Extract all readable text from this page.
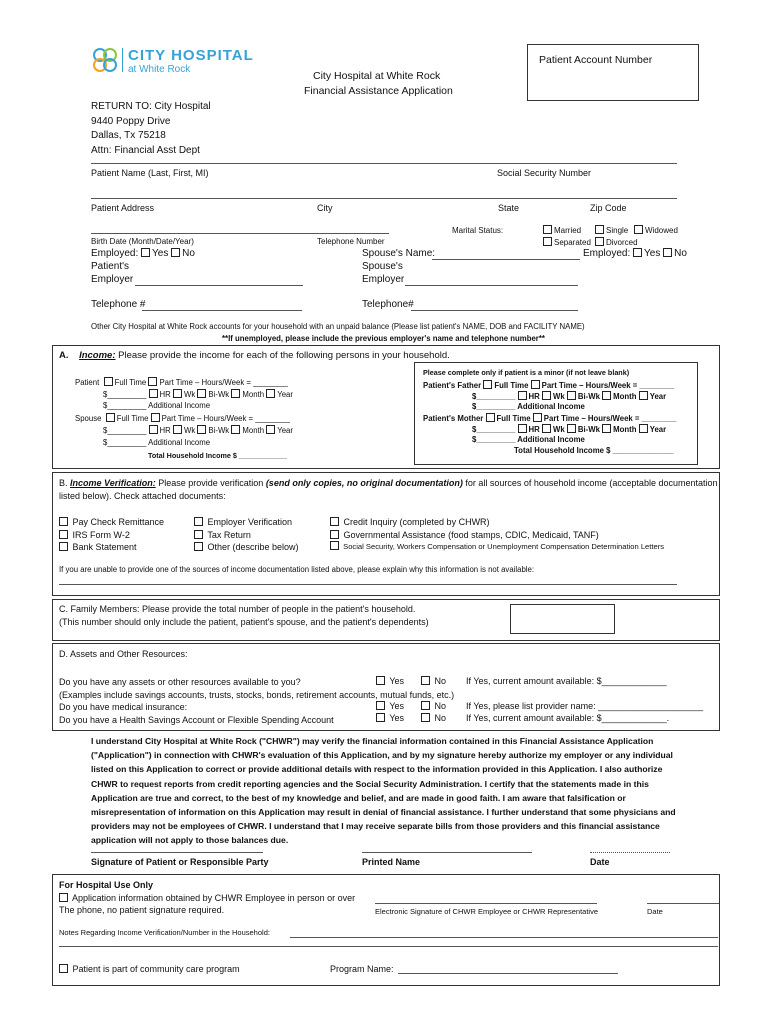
CITY HOSPITAL
at White Rock
City Hospital at White Rock
Financial Assistance Application
Patient Account Number
RETURN TO: City Hospital
9440 Poppy Drive
Dallas, Tx 75218
Attn: Financial Asst Dept
Patient Name (Last, First, MI)	Social Security Number
Patient Address	City	State	Zip Code
Birth Date (Month/Date/Year)	Telephone Number
Marital Status:	Married	Single	Widowed
Separated	Divorced
Employed: Yes No
Patient's
Employer
Telephone #
Spouse's Name:	Employed: Yes No
Spouse's
Employer
Telephone#
Other City Hospital at White Rock accounts for your household with an unpaid balance (Please list patient's NAME, DOB and FACILITY NAME)
**If unemployed, please include the previous employer's name and telephone number**
A. Income: Please provide the income for each of the following persons in your household.
Patient Full Time Part Time – Hours/Week = ________
$_________ HR Wk Bi-Wk Month Year
$_________ Additional Income
Spouse Full Time Part Time – Hours/Week = ________
$_________ HR Wk Bi-Wk Month Year
$_________ Additional Income
Total Household Income $ ____________
Please complete only if patient is a minor (if not leave blank)
Patient's Father Full Time Part Time – Hours/Week = ________
$_________ HR Wk Bi-Wk Month Year
$_________ Additional Income
Patient's Mother Full Time Part Time – Hours/Week = ________
$_________ HR Wk Bi-Wk Month Year
$_________ Additional Income
Total Household Income $ ______________
B. Income Verification: Please provide verification (send only copies, no original documentation) for all sources of household income (acceptable documentation
listed below). Check attached documents:
Pay Check Remittance
IRS Form W-2
Bank Statement
Employer Verification
Tax Return
Other (describe below)
Credit Inquiry (completed by CHWR)
Governmental Assistance (food stamps, CDIC, Medicaid, TANF)
Social Security, Workers Compensation or Unemployment Compensation Determination Letters
If you are unable to provide one of the sources of income documentation listed above, please explain why this information is not available:
C. Family Members: Please provide the total number of people in the patient's household.
(This number should only include the patient, patient's spouse, and the patient's dependents)
D. Assets and Other Resources:
Do you have any assets or other resources available to you?
(Examples include savings accounts, trusts, stocks, bonds, retirement accounts, mutual funds, etc.)
Do you have medical insurance:
Do you have a Health Savings Account or Flexible Spending Account
Yes	No If Yes, current amount available: $_____________
Yes	No If Yes, please list provider name: _____________________
Yes	No If Yes, current amount available: $_____________.
I understand City Hospital at White Rock ("CHWR") may verify the financial information contained in this Financial Assistance Application ("Application") in connection with CHWR's evaluation of this Application, and by my signature hereby authorize my employer or any individual listed on this Application to correct or provide additional details with respect to the information provided in this Application. I also authorize CHWR to request reports from credit reporting agencies and the Social Security Administration. I certify that the statements made in this Application are true and correct, to the best of my knowledge and belief, and are made in good faith. I am aware that falsification or misrepresentation of information on this Application may result in denial of financial assistance. I further understand that some physicians and providers may not be employees of CHWR. I understand that I may receive separate bills from those providers and this financial assistance application will not apply to those balances due.
Signature of Patient or Responsible Party	Printed Name	Date
For Hospital Use Only
Application information obtained by CHWR Employee in person or over
The phone, no patient signature required.	Electronic Signature of CHWR Employee or CHWR Representative	Date
Notes Regarding Income Verification/Number in the Household:
Patient is part of community care program	Program Name:
